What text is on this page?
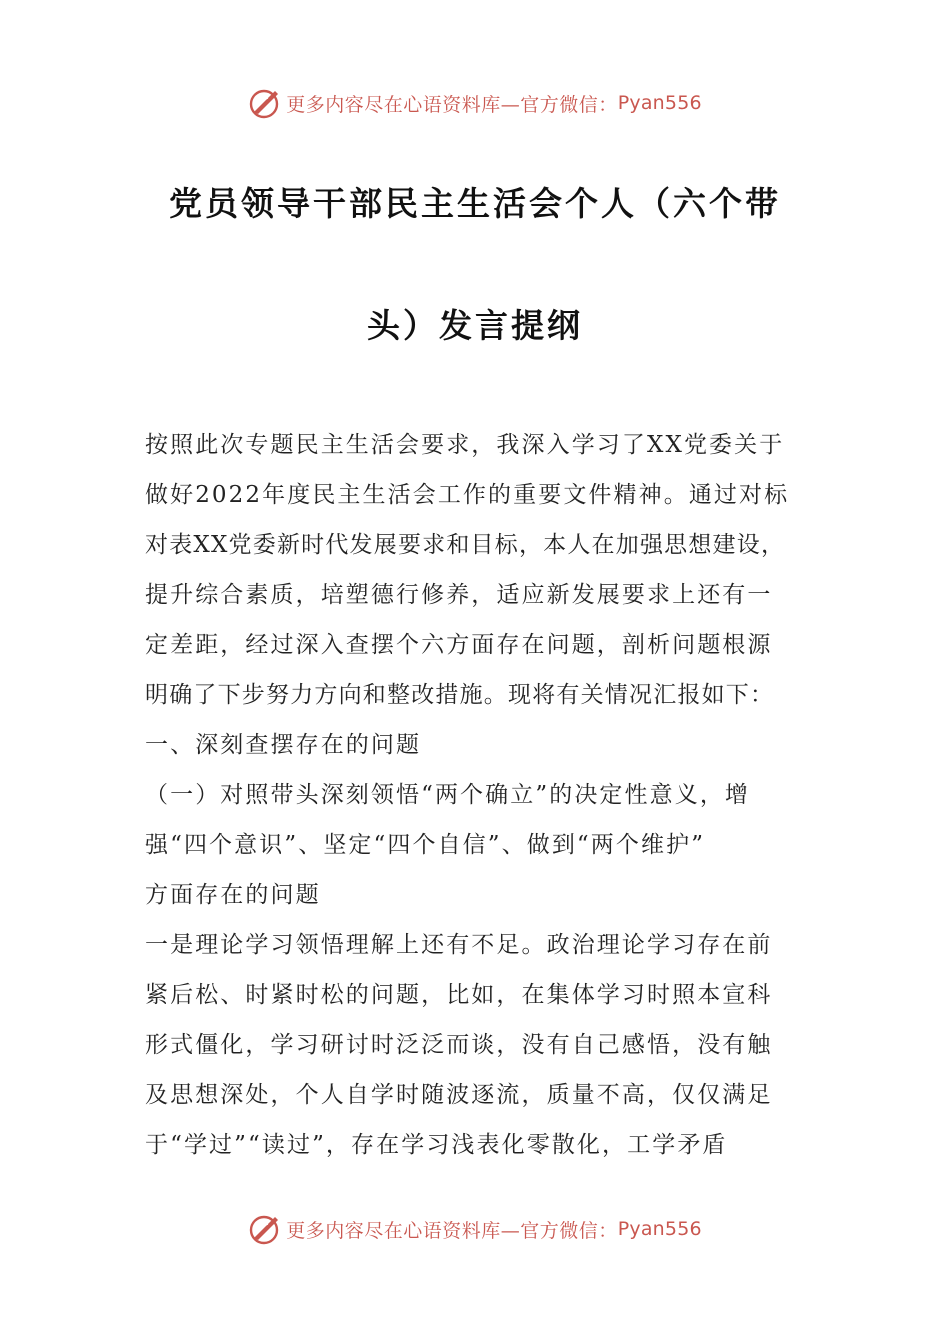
更多内容尽在心语资料库—官方微信： Pyan556
党员领导干部民主生活会个人（六个带
头）发言提纲
按照此次专题民主生活会要求，我深入学习了XX党委关于
做好2022年度民主生活会工作的重要文件精神。通过对标
对表XX党委新时代发展要求和目标，本人在加强思想建设，
提升综合素质，培塑德行修养，适应新发展要求上还有一
定差距，经过深入查摆个六方面存在问题，剖析问题根源
明确了下步努力方向和整改措施。现将有关情况汇报如下：
一、深刻查摆存在的问题
（一）对照带头深刻领悟“两个确立”的决定性意义，增
强“四个意识”、坚定“四个自信”、做到“两个维护”
方面存在的问题
一是理论学习领悟理解上还有不足。政治理论学习存在前
紧后松、时紧时松的问题，比如，在集体学习时照本宣科
形式僵化，学习研讨时泛泛而谈，没有自己感悟，没有触
及思想深处，个人自学时随波逐流，质量不高，仅仅满足
于“学过”“读过”，存在学习浅表化零散化，工学矛盾
更多内容尽在心语资料库—官方微信： Pyan556
